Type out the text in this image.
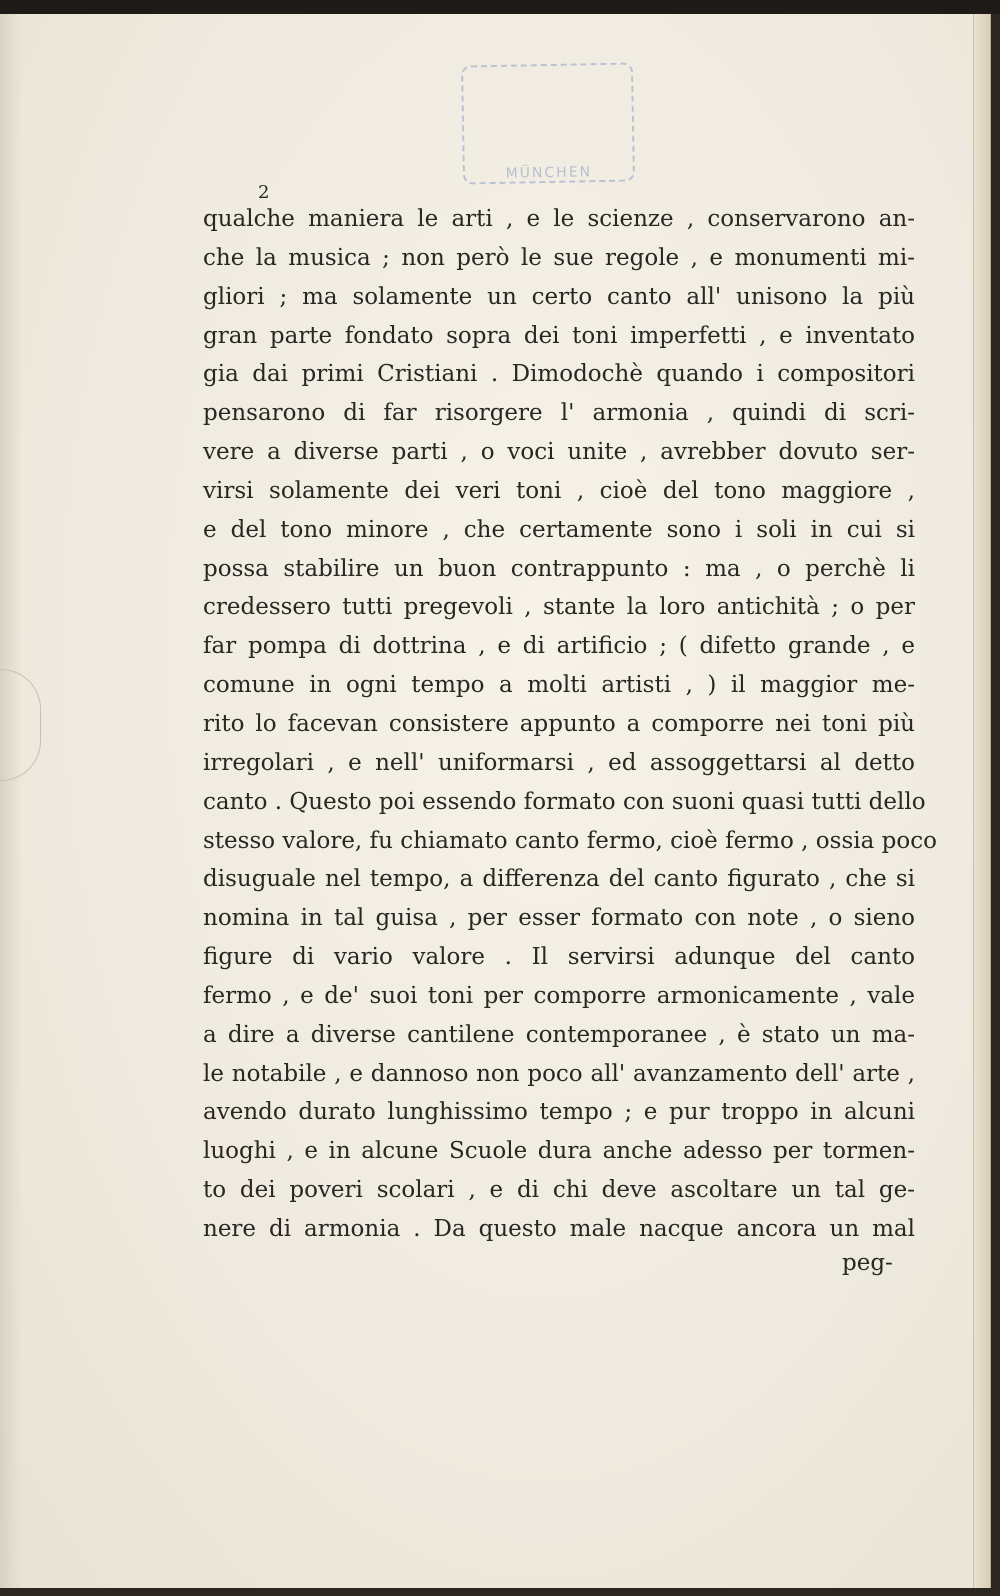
MÜNCHEN
2
qualche maniera le arti , e le scienze , conservarono an-
che la musica ; non però le sue regole , e monumenti mi-
gliori ; ma solamente un certo canto all' unisono la più
gran parte fondato sopra dei toni imperfetti , e inventato
gia dai primi Cristiani . Dimodochè quando i compositori
pensarono di far risorgere l' armonia , quindi di scri-
vere a diverse parti , o voci unite , avrebber dovuto ser-
virsi solamente dei veri toni , cioè del tono maggiore ,
e del tono minore , che certamente sono i soli in cui si
possa stabilire un buon contrappunto : ma , o perchè li
credessero tutti pregevoli , stante la loro antichità ; o per
far pompa di dottrina , e di artificio ; ( difetto grande , e
comune in ogni tempo a molti artisti , ) il maggior me-
rito lo facevan consistere appunto a comporre nei toni più
irregolari , e nell' uniformarsi , ed assoggettarsi al detto
canto . Questo poi essendo formato con suoni quasi tutti dello
stesso valore, fu chiamato canto fermo, cioè fermo , ossia poco
disuguale nel tempo, a differenza del canto figurato , che si
nomina in tal guisa , per esser formato con note , o sieno
figure di vario valore . Il servirsi adunque del canto
fermo , e de' suoi toni per comporre armonicamente , vale
a dire a diverse cantilene contemporanee , è stato un ma-
le notabile , e dannoso non poco all' avanzamento dell' arte ,
avendo durato lunghissimo tempo ; e pur troppo in alcuni
luoghi , e in alcune Scuole dura anche adesso per tormen-
to dei poveri scolari , e di chi deve ascoltare un tal ge-
nere di armonia . Da questo male nacque ancora un mal
peg-
